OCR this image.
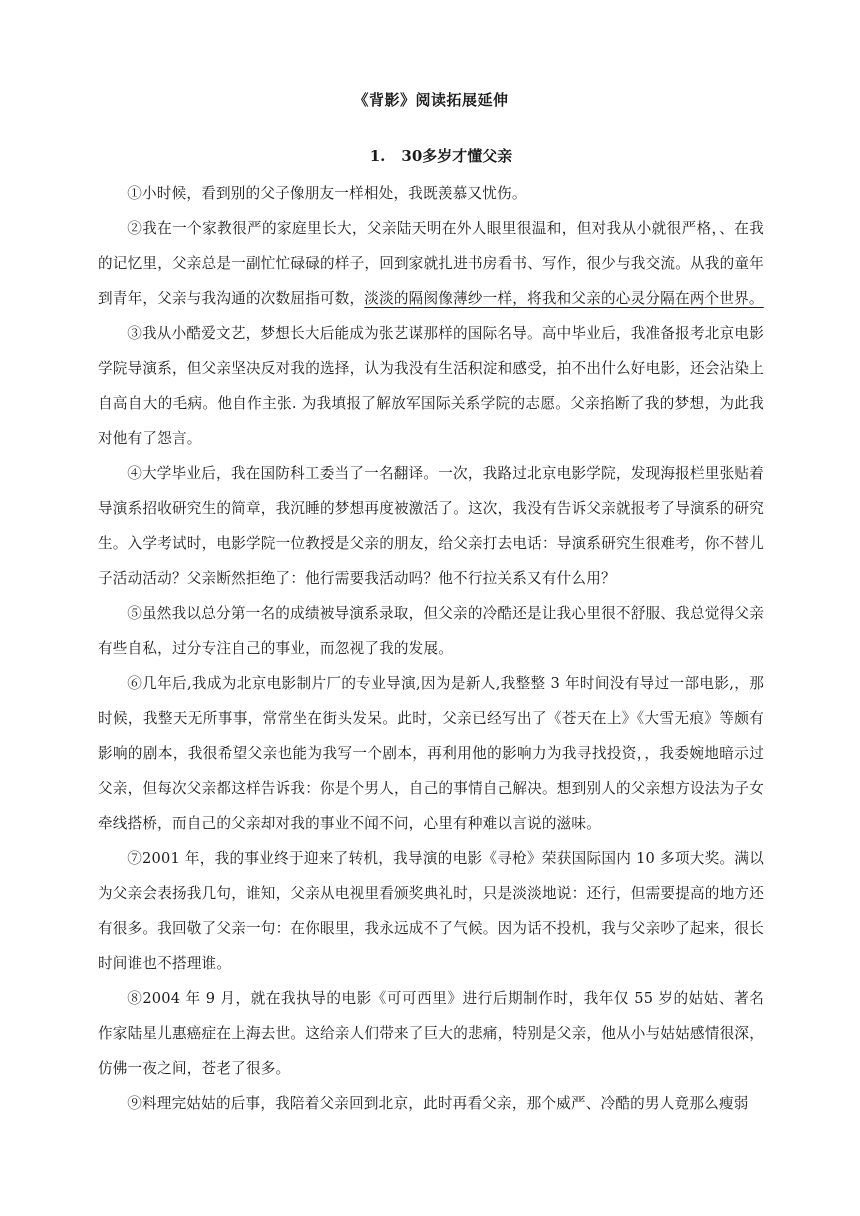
《背影》阅读拓展延伸
1. 30多岁才懂父亲

①小时候，看到别的父子像朋友一样相处，我既羡慕又忧伤。

②我在一个家教很严的家庭里长大，父亲陆天明在外人眼里很温和，但对我从小就很严格，、在我的记忆里，父亲总是一副忙忙碌碌的样子，回到家就扎进书房看书、写作，很少与我交流。从我的童年到青年，父亲与我沟通的次数屈指可数，淡淡的隔阂像薄纱一样，将我和父亲的心灵分隔在两个世界。

③我从小酷爱文艺，梦想长大后能成为张艺谋那样的国际名导。高中毕业后，我准备报考北京电影学院导演系，但父亲坚决反对我的选择，认为我没有生活积淀和感受，拍不出什么好电影，还会沾染上自高自大的毛病。他自作主张. 为我填报了解放军国际关系学院的志愿。父亲掐断了我的梦想，为此我对他有了怨言。

④大学毕业后，我在国防科工委当了一名翻译。一次，我路过北京电影学院，发现海报栏里张贴着导演系招收研究生的简章，我沉睡的梦想再度被激活了。这次，我没有告诉父亲就报考了导演系的研究生。入学考试时，电影学院一位教授是父亲的朋友，给父亲打去电话：导演系研究生很难考，你不替儿子活动活动？父亲断然拒绝了：他行需要我活动吗？他不行拉关系又有什么用？

⑤虽然我以总分第一名的成绩被导演系录取，但父亲的冷酷还是让我心里很不舒服、我总觉得父亲有些自私，过分专注自己的事业，而忽视了我的发展。

⑥几年后,我成为北京电影制片厂的专业导演,因为是新人,我整整 3 年时间没有导过一部电影,，那时候，我整天无所事事，常常坐在街头发呆。此时，父亲已经写出了《苍天在上》《大雪无痕》等颇有影响的剧本，我很希望父亲也能为我写一个剧本，再利用他的影响力为我寻找投资，，我委婉地暗示过父亲，但每次父亲都这样告诉我：你是个男人，自己的事情自己解决。想到别人的父亲想方设法为子女牵线搭桥，而自己的父亲却对我的事业不闻不问，心里有种难以言说的滋味。

⑦2001 年，我的事业终于迎来了转机，我导演的电影《寻枪》荣获国际国内 10 多项大奖。满以为父亲会表扬我几句，谁知，父亲从电视里看颁奖典礼时，只是淡淡地说：还行，但需要提高的地方还有很多。我回敬了父亲一句：在你眼里，我永远成不了气候。因为话不投机，我与父亲吵了起来，很长时间谁也不搭理谁。

⑧2004 年 9 月，就在我执导的电影《可可西里》进行后期制作时，我年仅 55 岁的姑姑、著名作家陆星儿惠癌症在上海去世。这给亲人们带来了巨大的悲痛，特别是父亲，他从小与姑姑感情很深，仿佛一夜之间，苍老了很多。

⑨料理完姑姑的后事，我陪着父亲回到北京，此时再看父亲，那个威严、冷酷的男人竟那么瘦弱
